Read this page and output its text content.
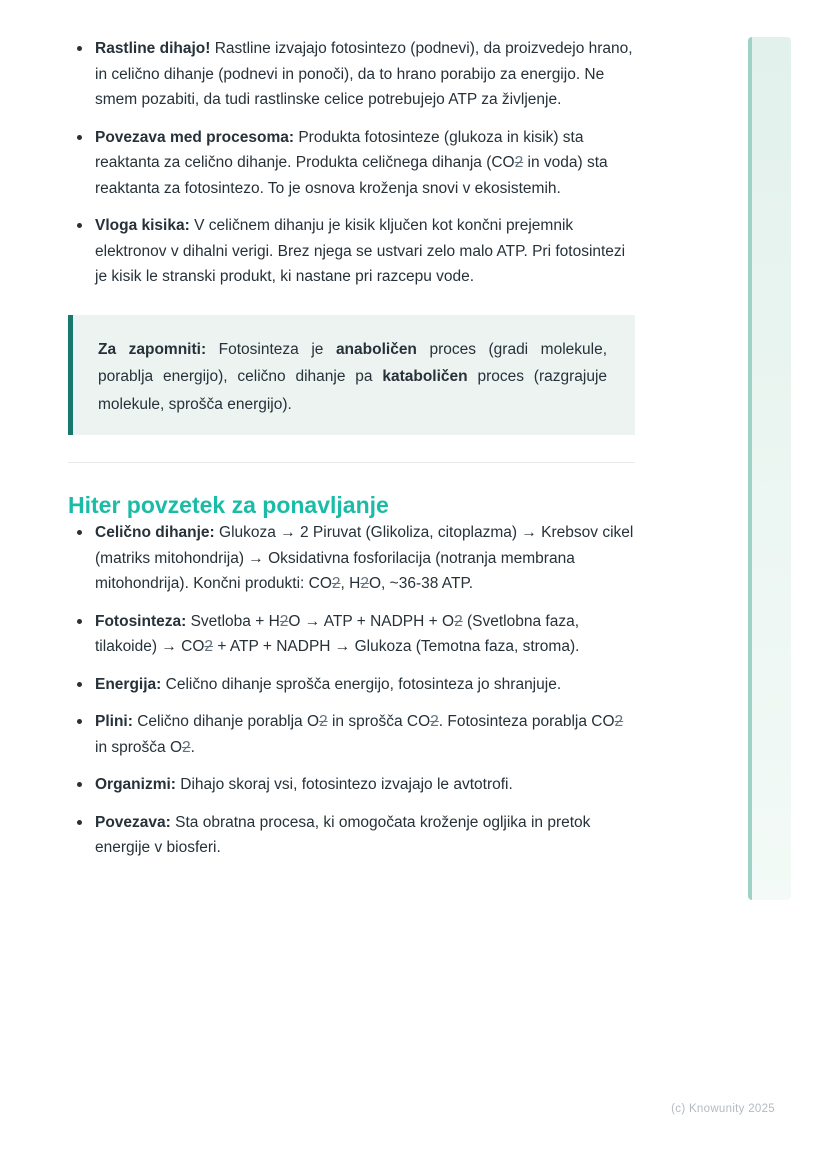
Rastline dihajo! Rastline izvajajo fotosintezo (podnevi), da proizvedejo hrano, in celično dihanje (podnevi in ponoči), da to hrano porabijo za energijo. Ne smem pozabiti, da tudi rastlinske celice potrebujejo ATP za življenje.
Povezava med procesoma: Produkta fotosinteze (glukoza in kisik) sta reaktanta za celično dihanje. Produkta celičnega dihanja (CO2 in voda) sta reaktanta za fotosintezo. To je osnova kroženja snovi v ekosistemih.
Vloga kisika: V celičnem dihanju je kisik ključen kot končni prejemnik elektronov v dihalni verigi. Brez njega se ustvari zelo malo ATP. Pri fotosintezi je kisik le stranski produkt, ki nastane pri razcepu vode.

Za zapomniti: Fotosinteza je anaboličen proces (gradi molekule, porablja energijo), celično dihanje pa kataboličen proces (razgrajuje molekule, sprošča energijo).

Hiter povzetek za ponavljanje
Celično dihanje: Glukoza → 2 Piruvat (Glikoliza, citoplazma) → Krebsov cikel (matriks mitohondrija) → Oksidativna fosforilacija (notranja membrana mitohondrija). Končni produkti: CO2, H2O, ~36-38 ATP.
Fotosinteza: Svetloba + H2O → ATP + NADPH + O2 (Svetlobna faza, tilakoide) → CO2 + ATP + NADPH → Glukoza (Temotna faza, stroma).
Energija: Celično dihanje sprošča energijo, fotosinteza jo shranjuje.
Plini: Celično dihanje porablja O2 in sprošča CO2. Fotosinteza porablja CO2 in sprošča O2.
Organizmi: Dihajo skoraj vsi, fotosintezo izvajajo le avtotrofi.
Povezava: Sta obratna procesa, ki omogočata kroženje ogljika in pretok energije v biosferi.
(c) Knowunity 2025
